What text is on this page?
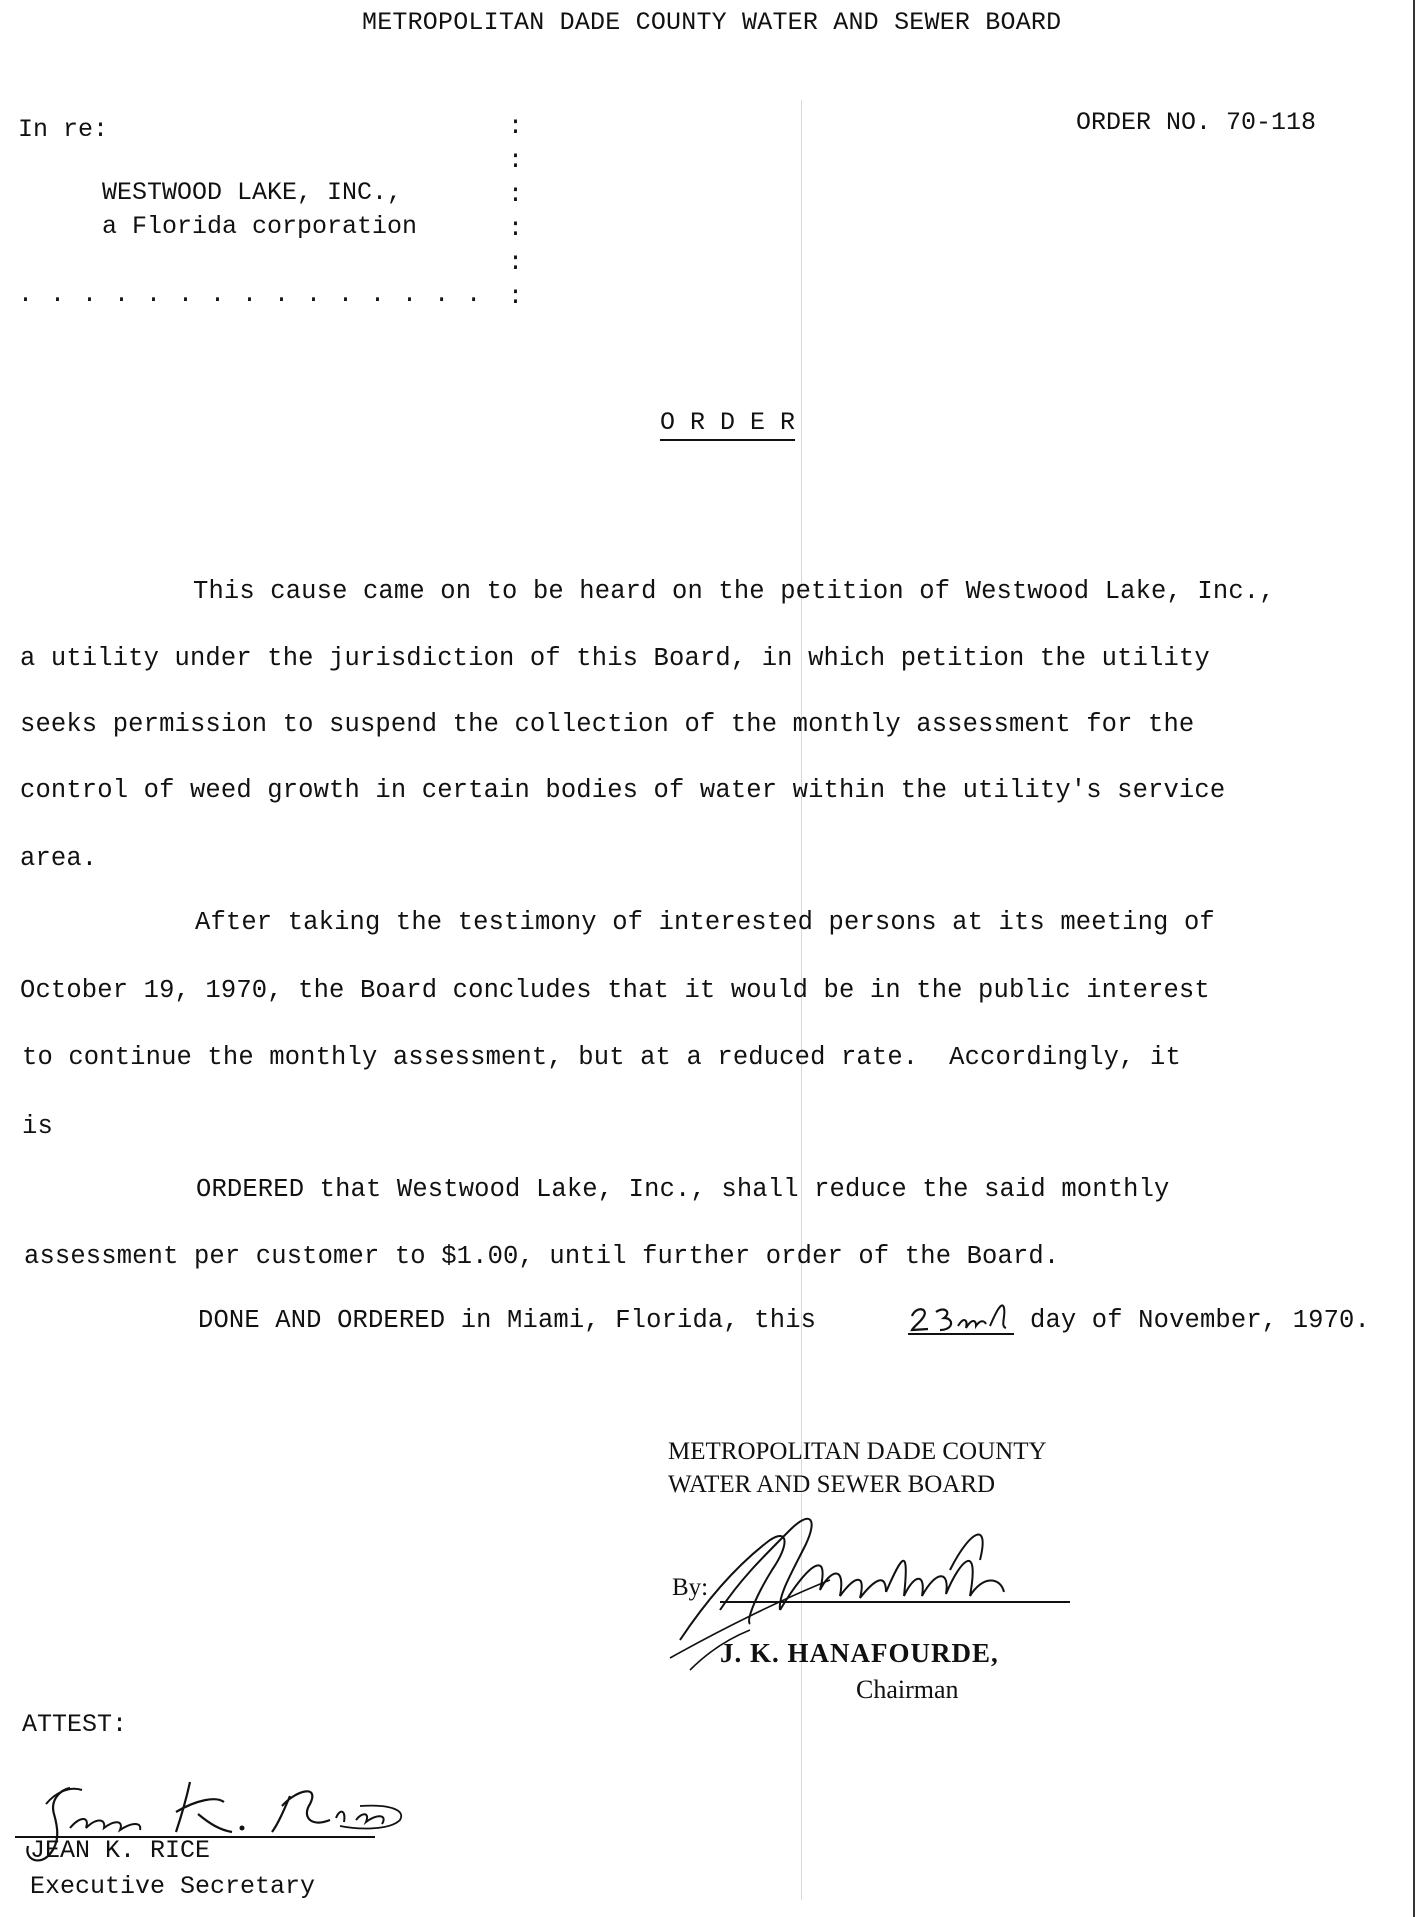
METROPOLITAN DADE COUNTY WATER AND SEWER BOARD
In re:	ORDER NO. 70-118
WESTWOOD LAKE, INC.,
a Florida corporation
. . . . . . . . . . . . . . .
:
:
:
:
:
:
O R D E R
This cause came on to be heard on the petition of Westwood Lake, Inc.,
a utility under the jurisdiction of this Board, in which petition the utility
seeks permission to suspend the collection of the monthly assessment for the
control of weed growth in certain bodies of water within the utility's service
area.
After taking the testimony of interested persons at its meeting of
October 19, 1970, the Board concludes that it would be in the public interest
to continue the monthly assessment, but at a reduced rate.  Accordingly, it
is
ORDERED that Westwood Lake, Inc., shall reduce the said monthly
assessment per customer to $1.00, until further order of the Board.
DONE AND ORDERED in Miami, Florida, this	day of November, 1970.
METROPOLITAN DADE COUNTY
WATER AND SEWER BOARD
By:
J. K. HANAFOURDE,
Chairman
ATTEST:
JEAN K. RICE
Executive Secretary
